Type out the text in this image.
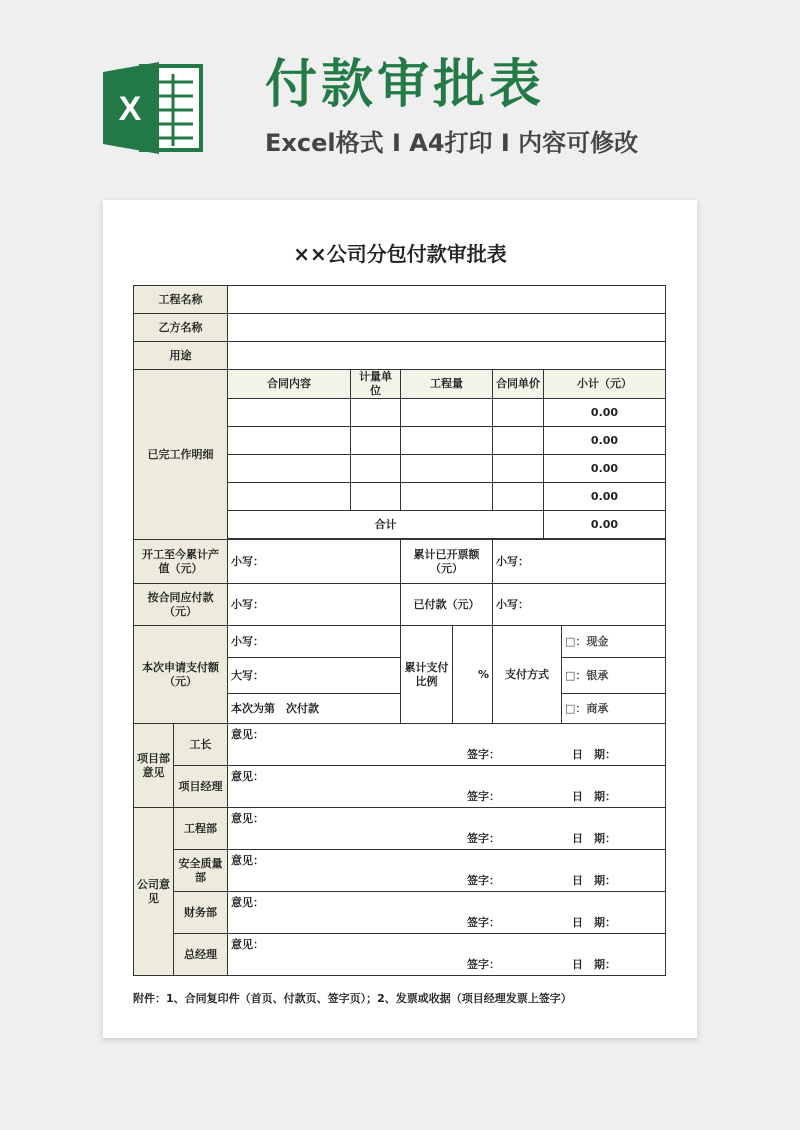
X 付款审批表
Excel格式 I A4打印 I 内容可修改
××公司分包付款审批表
工程名称								
乙方名称								
用途								
已完工作明细		合同内容	计量单位	工程量		合同单价	小计（元）	
							0.00	
							0.00	
							0.00	
							0.00	
		合计					0.00	

开工至今累计产值（元）		小写：		累计已开票额（元）		小写：		
按合同应付款（元）		小写：		已付款（元）		小写：		
本次申请支付额（元）		小写：		累计支付比例	%	支付方式		□：现金
		大写：						□：银承
		本次为第　次付款						□：商承
项目部意见	工长	意见：
签字： 日　期：						

	项目经理	意见：
签字： 日　期：						

公司意见	工程部	意见：
签字： 日　期：						

	安全质量部	意见：
签字： 日　期：						

	财务部	意见：
签字： 日　期：						

	总经理	意见：
签字： 日　期：						
附件：1、合同复印件（首页、付款页、签字页）；2、发票或收据（项目经理发票上签字）
